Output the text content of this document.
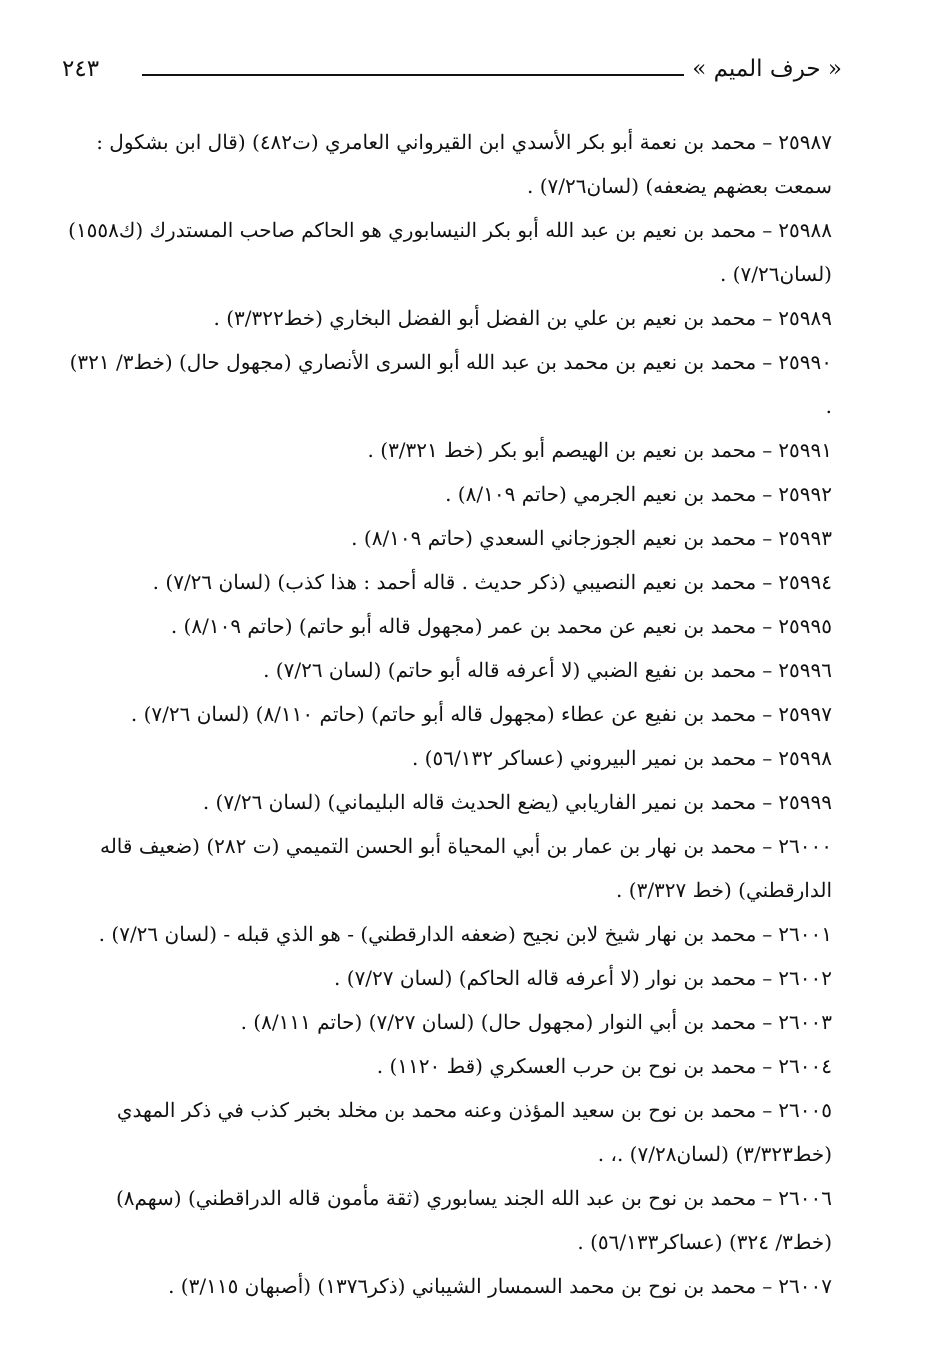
« حرف الميم »
٢٤٣
٢٥٩٨٧–محمد بن نعمة أبو بكر الأسدي ابن القيرواني العامري (ت٤٨٢) (قال ابن بشكول : سمعت بعضهم يضعفه) (لسان٧/٢٦) .
٢٥٩٨٨–محمد بن نعيم بن عبد الله أبو بكر النيسابوري هو الحاكم صاحب المستدرك (ك١٥٥٨) (لسان٧/٢٦) .
٢٥٩٨٩–محمد بن نعيم بن علي بن الفضل أبو الفضل البخاري (خط٣/٣٢٢) .
٢٥٩٩٠–محمد بن نعيم بن محمد بن عبد الله أبو السرى الأنصاري (مجهول حال) (خط٣/ ٣٢١) .
٢٥٩٩١–محمد بن نعيم بن الهيصم أبو بكر (خط ٣/٣٢١) .
٢٥٩٩٢–محمد بن نعيم الجرمي (حاتم ٨/١٠٩) .
٢٥٩٩٣–محمد بن نعيم الجوزجاني السعدي (حاتم ٨/١٠٩) .
٢٥٩٩٤–محمد بن نعيم النصيبي (ذكر حديث . قاله أحمد : هذا كذب) (لسان ٧/٢٦) .
٢٥٩٩٥–محمد بن نعيم عن محمد بن عمر (مجهول قاله أبو حاتم) (حاتم ٨/١٠٩) .
٢٥٩٩٦–محمد بن نفيع الضبي (لا أعرفه قاله أبو حاتم) (لسان ٧/٢٦) .
٢٥٩٩٧–محمد بن نفيع عن عطاء (مجهول قاله أبو حاتم) (حاتم ٨/١١٠) (لسان ٧/٢٦) .
٢٥٩٩٨–محمد بن نمير البيروني (عساكر ٥٦/١٣٢) .
٢٥٩٩٩–محمد بن نمير الفاريابي (يضع الحديث قاله البليماني) (لسان ٧/٢٦) .
٢٦٠٠٠–محمد بن نهار بن عمار بن أبي المحياة أبو الحسن التميمي (ت ٢٨٢) (ضعيف قاله الدارقطني) (خط ٣/٣٢٧) .
٢٦٠٠١–محمد بن نهار شيخ لابن نجيح (ضعفه الدارقطني) - هو الذي قبله - (لسان ٧/٢٦) .
٢٦٠٠٢–محمد بن نوار (لا أعرفه قاله الحاكم) (لسان ٧/٢٧) .
٢٦٠٠٣–محمد بن أبي النوار (مجهول حال) (لسان ٧/٢٧) (حاتم ٨/١١١) .
٢٦٠٠٤–محمد بن نوح بن حرب العسكري (قط ١١٢٠) .
٢٦٠٠٥–محمد بن نوح بن سعيد المؤذن وعنه محمد بن مخلد بخبر كذب في ذكر المهدي (خط٣/٣٢٣) (لسان٧/٢٨) .، .
٢٦٠٠٦–محمد بن نوح بن عبد الله الجند يسابوري (ثقة مأمون قاله الدراقطني) (سهم٨) (خط٣/ ٣٢٤) (عساكر٥٦/١٣٣) .
٢٦٠٠٧–محمد بن نوح بن محمد السمسار الشيباني (ذكر١٣٧٦) (أصبهان ٣/١١٥) .
